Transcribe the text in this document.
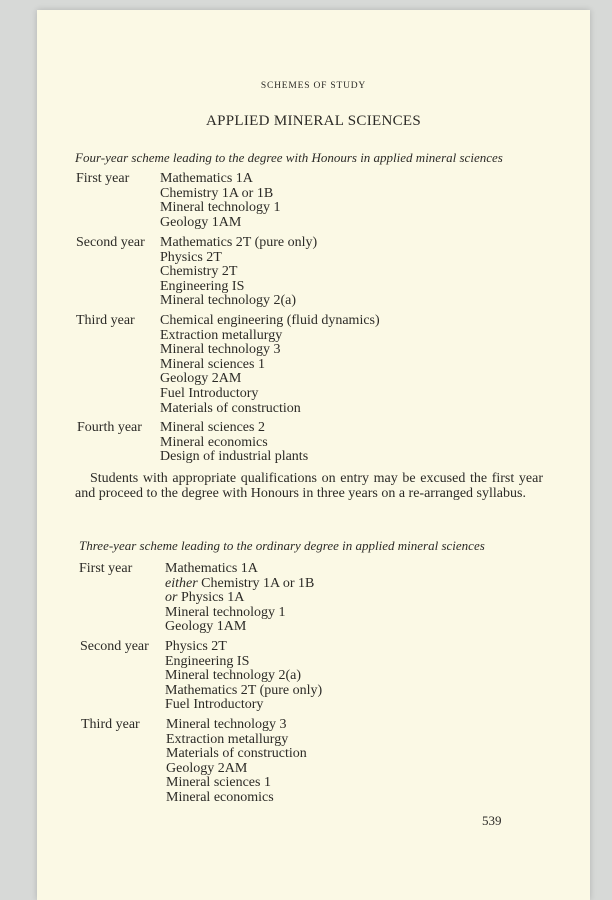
SCHEMES OF STUDY
APPLIED MINERAL SCIENCES
Four-year scheme leading to the degree with Honours in applied mineral sciences
First year Mathematics 1A
Chemistry 1A or 1B
Mineral technology 1
Geology 1AM
Second year Mathematics 2T (pure only)
Physics 2T
Chemistry 2T
Engineering IS
Mineral technology 2(a)
Third year Chemical engineering (fluid dynamics)
Extraction metallurgy
Mineral technology 3
Mineral sciences 1
Geology 2AM
Fuel Introductory
Materials of construction
Fourth year Mineral sciences 2
Mineral economics
Design of industrial plants
Students with appropriate qualifications on entry may be excused the first year and proceed to the degree with Honours in three years on a re-arranged syllabus.
Three-year scheme leading to the ordinary degree in applied mineral sciences
First year Mathematics 1A
either Chemistry 1A or 1B
or Physics 1A
Mineral technology 1
Geology 1AM
Second year Physics 2T
Engineering IS
Mineral technology 2(a)
Mathematics 2T (pure only)
Fuel Introductory
Third year Mineral technology 3
Extraction metallurgy
Materials of construction
Geology 2AM
Mineral sciences 1
Mineral economics
539
